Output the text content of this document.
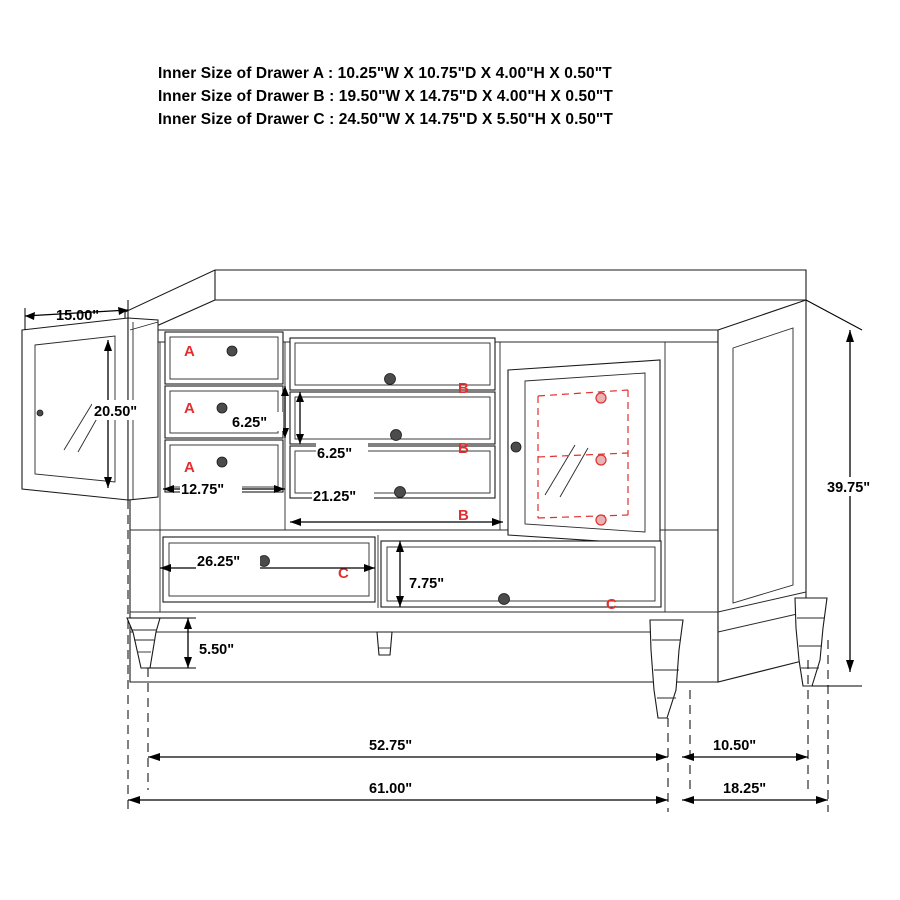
Inner Size of Drawer A : 10.25"W X 10.75"D X 4.00"H X 0.50"T
Inner Size of Drawer B : 19.50"W X 14.75"D X 4.00"H X 0.50"T
Inner Size of Drawer C : 24.50"W X 14.75"D X 5.50"H X 0.50"T
A
A
A
B
B
B
C
C
15.00"
20.50"
6.25"
6.25"
12.75"	21.25"
26.25"
7.75"
5.50"
39.75"
52.75"	10.50"
61.00"	18.25"
